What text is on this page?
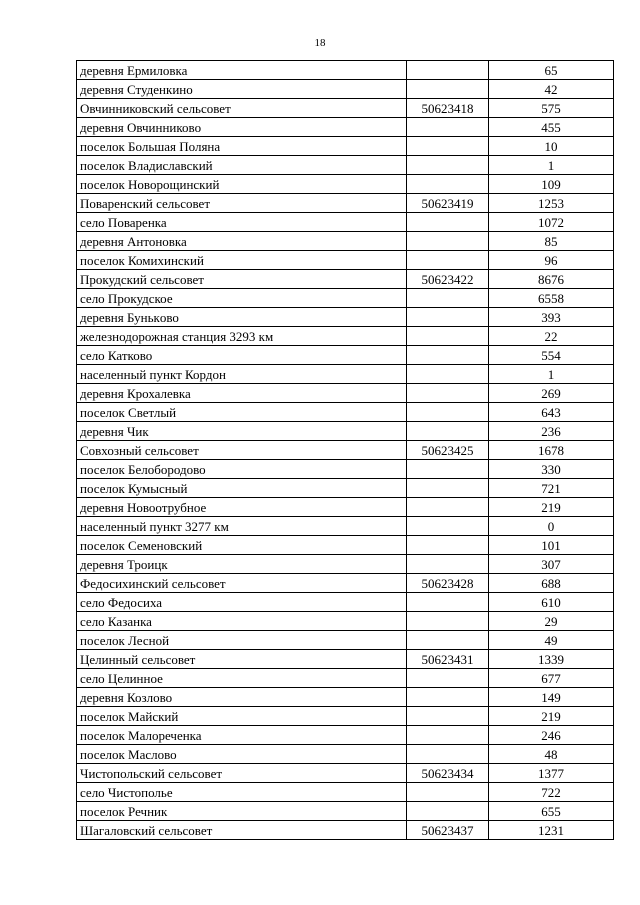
18
деревня Ермиловка		65
деревня Студенкино		42
Овчинниковский сельсовет	50623418	575
деревня Овчинниково		455
поселок Большая Поляна		10
поселок Владиславский		1
поселок Новорощинский		109
Поваренский сельсовет	50623419	1253
село Поваренка		1072
деревня Антоновка		85
поселок Комихинский		96
Прокудский сельсовет	50623422	8676
село Прокудское		6558
деревня Бунькoво		393
железнодорожная станция 3293 км		22
село Катково		554
населенный пункт Кордон		1
деревня Крохалевка		269
поселок Светлый		643
деревня Чик		236
Совхозный сельсовет	50623425	1678
поселок Белобородово		330
поселок Кумысный		721
деревня Новоотрубное		219
населенный пункт 3277 км		0
поселок Семеновский		101
деревня Троицк		307
Федосихинский сельсовет	50623428	688
село Федосиха		610
село Казанка		29
поселок Лесной		49
Целинный сельсовет	50623431	1339
село Целинное		677
деревня Козлово		149
поселок Майский		219
поселок Малореченка		246
поселок Маслово		48
Чистопольский сельсовет	50623434	1377
село Чистополье		722
поселок Речник		655
Шагаловский сельсовет	50623437	1231
